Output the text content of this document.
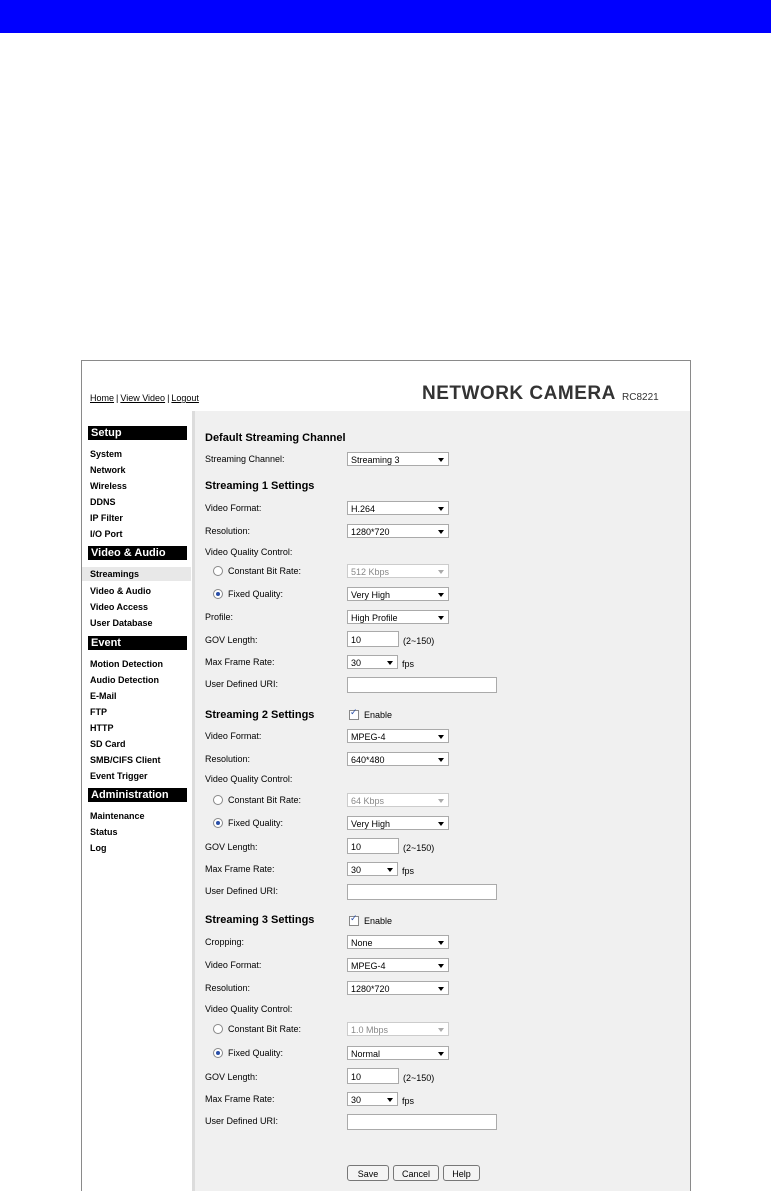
Home | View Video | Logout	NETWORK CAMERA RC8221
Setup
System
Network
Wireless
DDNS
IP Filter
I/O Port
Video & Audio
Streamings
Video & Audio
Video Access
User Database
Event
Motion Detection
Audio Detection
E-Mail
FTP
HTTP
SD Card
SMB/CIFS Client
Event Trigger
Administration
Maintenance
Status
Log
Default Streaming Channel
Streaming Channel:	Streaming 3
Streaming 1 Settings
Video Format:	H.264
Resolution:	1280*720
Video Quality Control:
Constant Bit Rate:	512 Kbps
Fixed Quality:	Very High
Profile:	High Profile
GOV Length:	10	(2~150)
Max Frame Rate:	30	fps
User Defined URI:
Streaming 2 Settings ✓	Enable
Video Format:	MPEG-4
Resolution:	640*480
Video Quality Control:
Constant Bit Rate:	64 Kbps
Fixed Quality:	Very High
GOV Length:	10	(2~150)
Max Frame Rate:	30	fps
User Defined URI:
Streaming 3 Settings ✓	Enable
Cropping:	None
Video Format:	MPEG-4
Resolution:	1280*720
Video Quality Control:
Constant Bit Rate:	1.0 Mbps
Fixed Quality:	Normal
GOV Length:	10	(2~150)
Max Frame Rate:	30	fps
User Defined URI:
Save	Cancel	Help
